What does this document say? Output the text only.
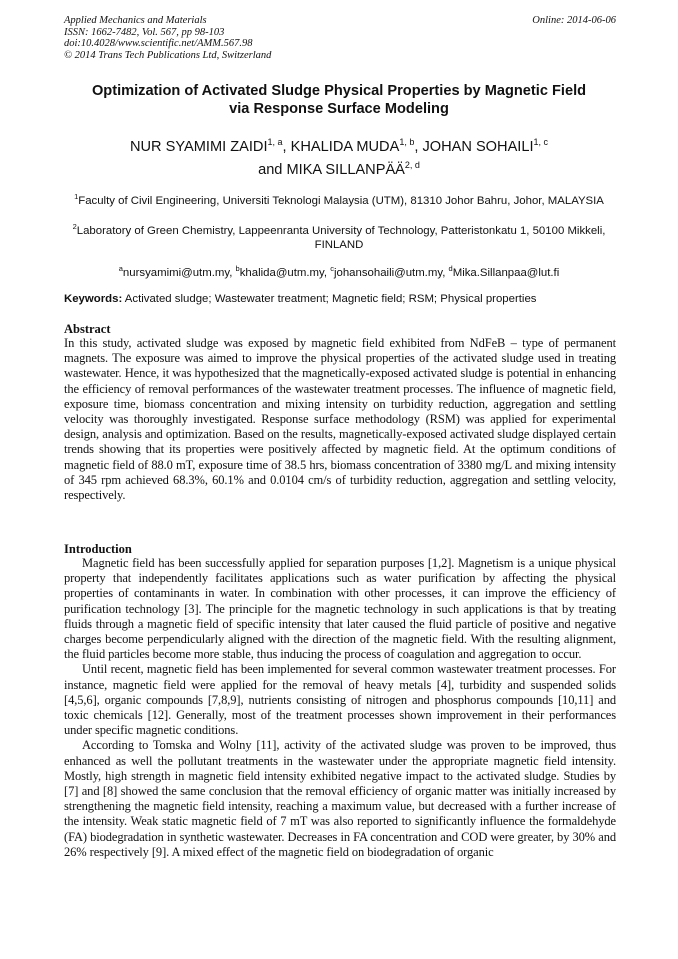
Applied Mechanics and Materials
ISSN: 1662-7482, Vol. 567, pp 98-103
doi:10.4028/www.scientific.net/AMM.567.98
© 2014 Trans Tech Publications Ltd, Switzerland
Online: 2014-06-06
Optimization of Activated Sludge Physical Properties by Magnetic Field
via Response Surface Modeling
NUR SYAMIMI ZAIDI$^{1, a}$, KHALIDA MUDA$^{1, b}$, JOHAN SOHAILI$^{1, c}$
and MIKA SILLANPÄÄ$^{2, d}$
$^1$Faculty of Civil Engineering, Universiti Teknologi Malaysia (UTM), 81310 Johor Bahru, Johor, MALAYSIA
$^2$Laboratory of Green Chemistry, Lappeenranta University of Technology, Patteristonkatu 1, 50100 Mikkeli, FINLAND
$^a$nursyamimi@utm.my, $^b$khalida@utm.my, $^c$johansohaili@utm.my, $^d$Mika.Sillanpaa@lut.fi
Keywords: Activated sludge; Wastewater treatment; Magnetic field; RSM; Physical properties
Abstract

In this study, activated sludge was exposed by magnetic field exhibited from NdFeB – type of permanent magnets. The exposure was aimed to improve the physical properties of the activated sludge used in treating wastewater. Hence, it was hypothesized that the magnetically-exposed activated sludge is potential in enhancing the efficiency of removal performances of the wastewater treatment processes. The influence of magnetic field, exposure time, biomass concentration and mixing intensity on turbidity reduction, aggregation and settling velocity was thoroughly investigated. Response surface methodology (RSM) was applied for experimental design, analysis and optimization. Based on the results, magnetically-exposed activated sludge displayed certain trends showing that its properties were positively affected by magnetic field. At the optimum conditions of magnetic field of 88.0 mT, exposure time of 38.5 hrs, biomass concentration of 3380 mg/L and mixing intensity of 345 rpm achieved 68.3%, 60.1% and 0.0104 cm/s of turbidity reduction, aggregation and settling velocity, respectively.

Introduction

Magnetic field has been successfully applied for separation purposes [1,2]. Magnetism is a unique physical property that independently facilitates applications such as water purification by affecting the physical properties of contaminants in water. In combination with other processes, it can improve the efficiency of purification technology [3]. The principle for the magnetic technology in such applications is that by treating fluids through a magnetic field of specific intensity that later caused the fluid particle of positive and negative charges become perpendicularly aligned with the direction of the magnetic field. With the resulting alignment, the fluid particles become more stable, thus inducing the process of coagulation and aggregation to occur.

Until recent, magnetic field has been implemented for several common wastewater treatment processes. For instance, magnetic field were applied for the removal of heavy metals [4], turbidity and suspended solids [4,5,6], organic compounds [7,8,9], nutrients consisting of nitrogen and phosphorus compounds [10,11] and toxic chemicals [12]. Generally, most of the treatment processes shown improvement in their performances under specific magnetic conditions.

According to Tomska and Wolny [11], activity of the activated sludge was proven to be improved, thus enhanced as well the pollutant treatments in the wastewater under the appropriate magnetic field intensity. Mostly, high strength in magnetic field intensity exhibited negative impact to the activated sludge. Studies by [7] and [8] showed the same conclusion that the removal efficiency of organic matter was initially increased by strengthening the magnetic field intensity, reaching a maximum value, but decreased with a further increase of the intensity. Weak static magnetic field of 7 mT was also reported to significantly influence the formaldehyde (FA) biodegradation in synthetic wastewater. Decreases in FA concentration and COD were greater, by 30% and 26% respectively [9]. A mixed effect of the magnetic field on biodegradation of organic
